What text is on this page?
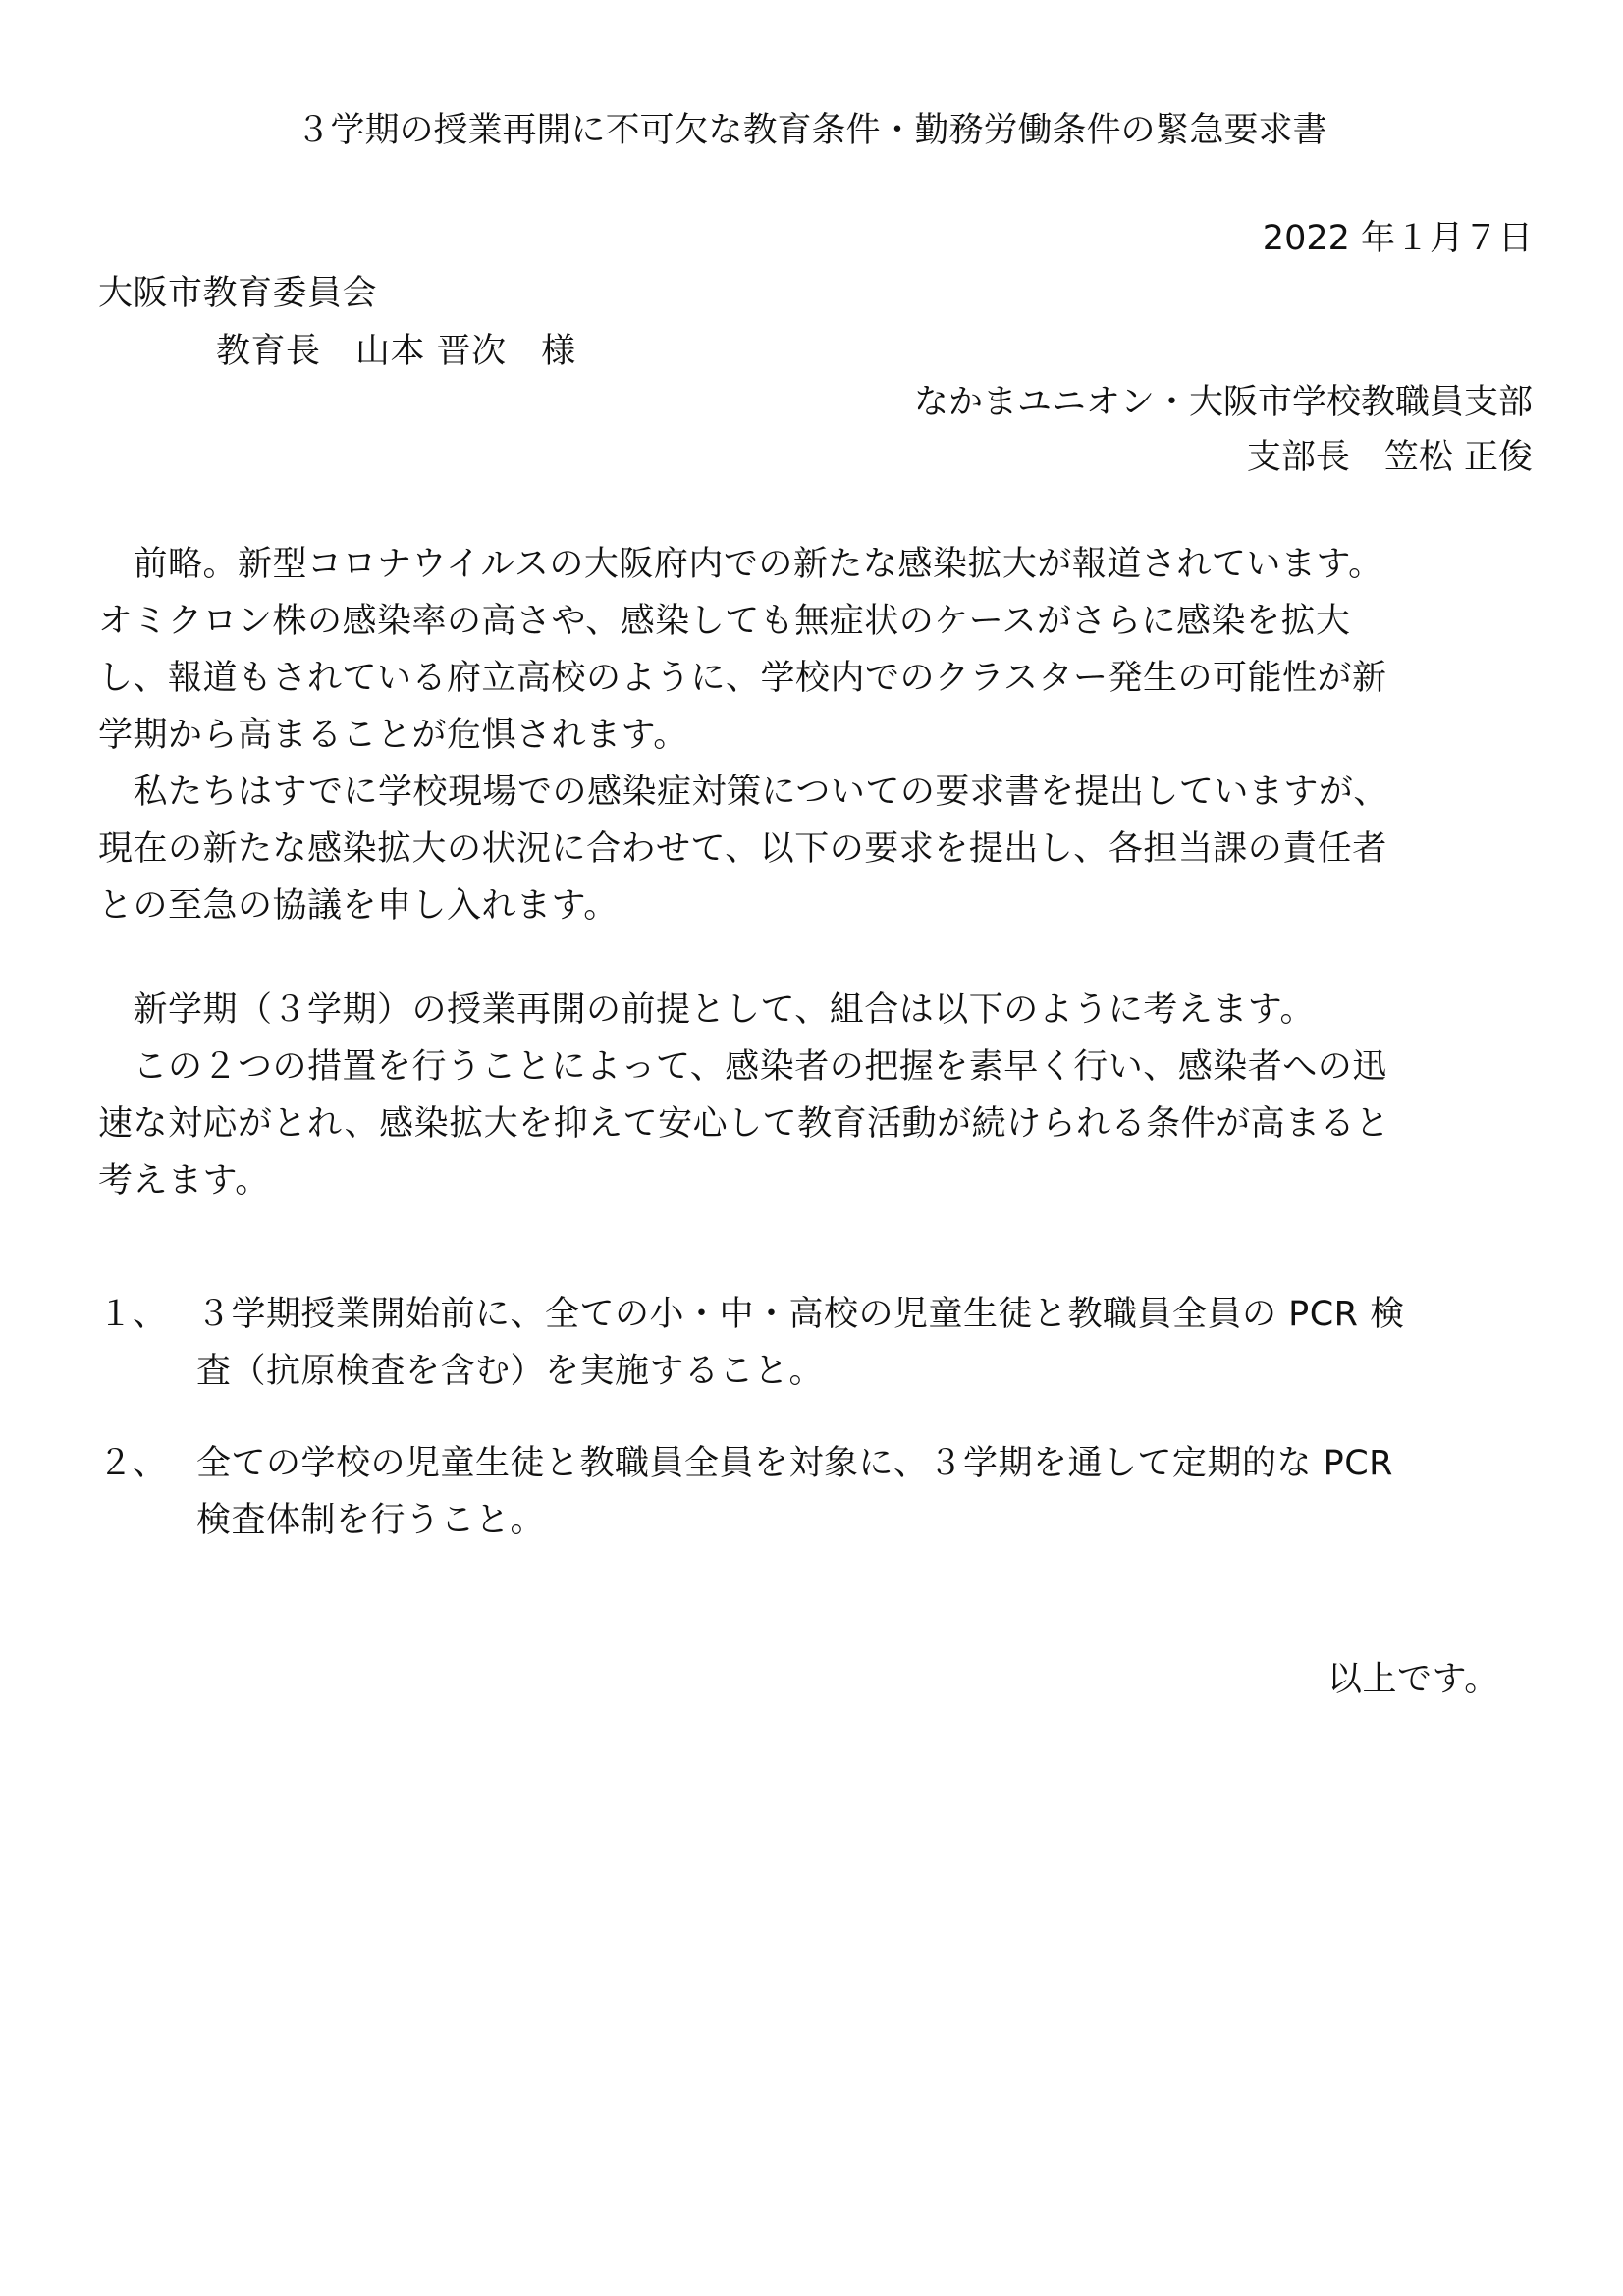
３学期の授業再開に不可欠な教育条件・勤務労働条件の緊急要求書
2022 年１月７日
大阪市教育委員会
教育長　山本 晋次　様
なかまユニオン・大阪市学校教職員支部
支部長　笠松 正俊
　前略。新型コロナウイルスの大阪府内での新たな感染拡大が報道されています。
オミクロン株の感染率の高さや、感染しても無症状のケースがさらに感染を拡大
し、報道もされている府立高校のように、学校内でのクラスター発生の可能性が新
学期から高まることが危惧されます。
　私たちはすでに学校現場での感染症対策についての要求書を提出していますが、
現在の新たな感染拡大の状況に合わせて、以下の要求を提出し、各担当課の責任者
との至急の協議を申し入れます。
　新学期（３学期）の授業再開の前提として、組合は以下のように考えます。
　この２つの措置を行うことによって、感染者の把握を素早く行い、感染者への迅
速な対応がとれ、感染拡大を抑えて安心して教育活動が続けられる条件が高まると
考えます。
１、 ３学期授業開始前に、全ての小・中・高校の児童生徒と教職員全員の PCR 検
査（抗原検査を含む）を実施すること。
２、 全ての学校の児童生徒と教職員全員を対象に、３学期を通して定期的な PCR
検査体制を行うこと。
以上です。
